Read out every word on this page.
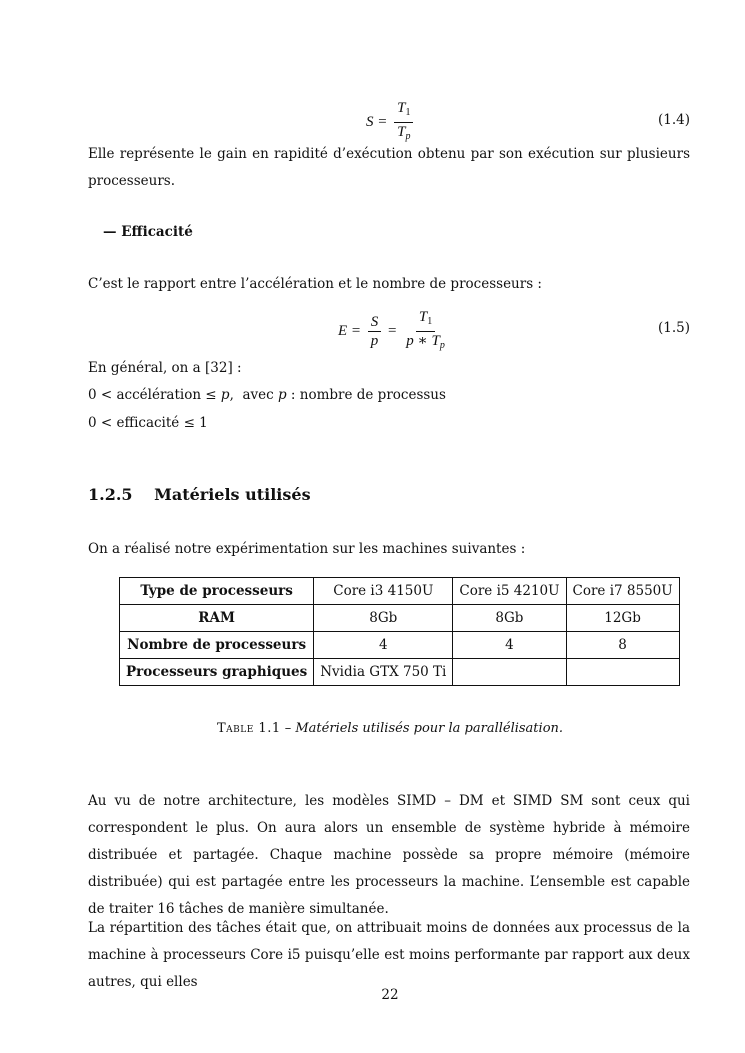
$S = \frac{T_1}{T_p}$	(1.4)
Elle représente le gain en rapidité d’exécution obtenu par son exécution sur plusieurs processeurs.
— Efficacité
C’est le rapport entre l’accélération et le nombre de processeurs :
$E = \frac{S}{p} = \frac{T_1}{p ∗ T_p}$	(1.5)
En général, on a [32] :
0 < accélération ≤ p,  avec p : nombre de processus
0 < efficacité ≤ 1
1.2.5 Matériels utilisés
On a réalisé notre expérimentation sur les machines suivantes :
Type de processeurs	Core i3 4150U	Core i5 4210U	Core i7 8550U
RAM	8Gb	8Gb	12Gb
Nombre de processeurs	4	4	8
Processeurs graphiques	Nvidia GTX 750 Ti		
Table 1.1 – Matériels utilisés pour la parallélisation.
Au vu de notre architecture, les modèles SIMD – DM et SIMD SM sont ceux qui correspondent le plus. On aura alors un ensemble de système hybride à mémoire distribuée et partagée. Chaque machine possède sa propre mémoire (mémoire distribuée) qui est partagée entre les processeurs la machine. L’ensemble est capable de traiter 16 tâches de manière simultanée.
La répartition des tâches était que, on attribuait moins de données aux processus de la machine à processeurs Core i5 puisqu’elle est moins performante par rapport aux deux autres, qui elles
22
